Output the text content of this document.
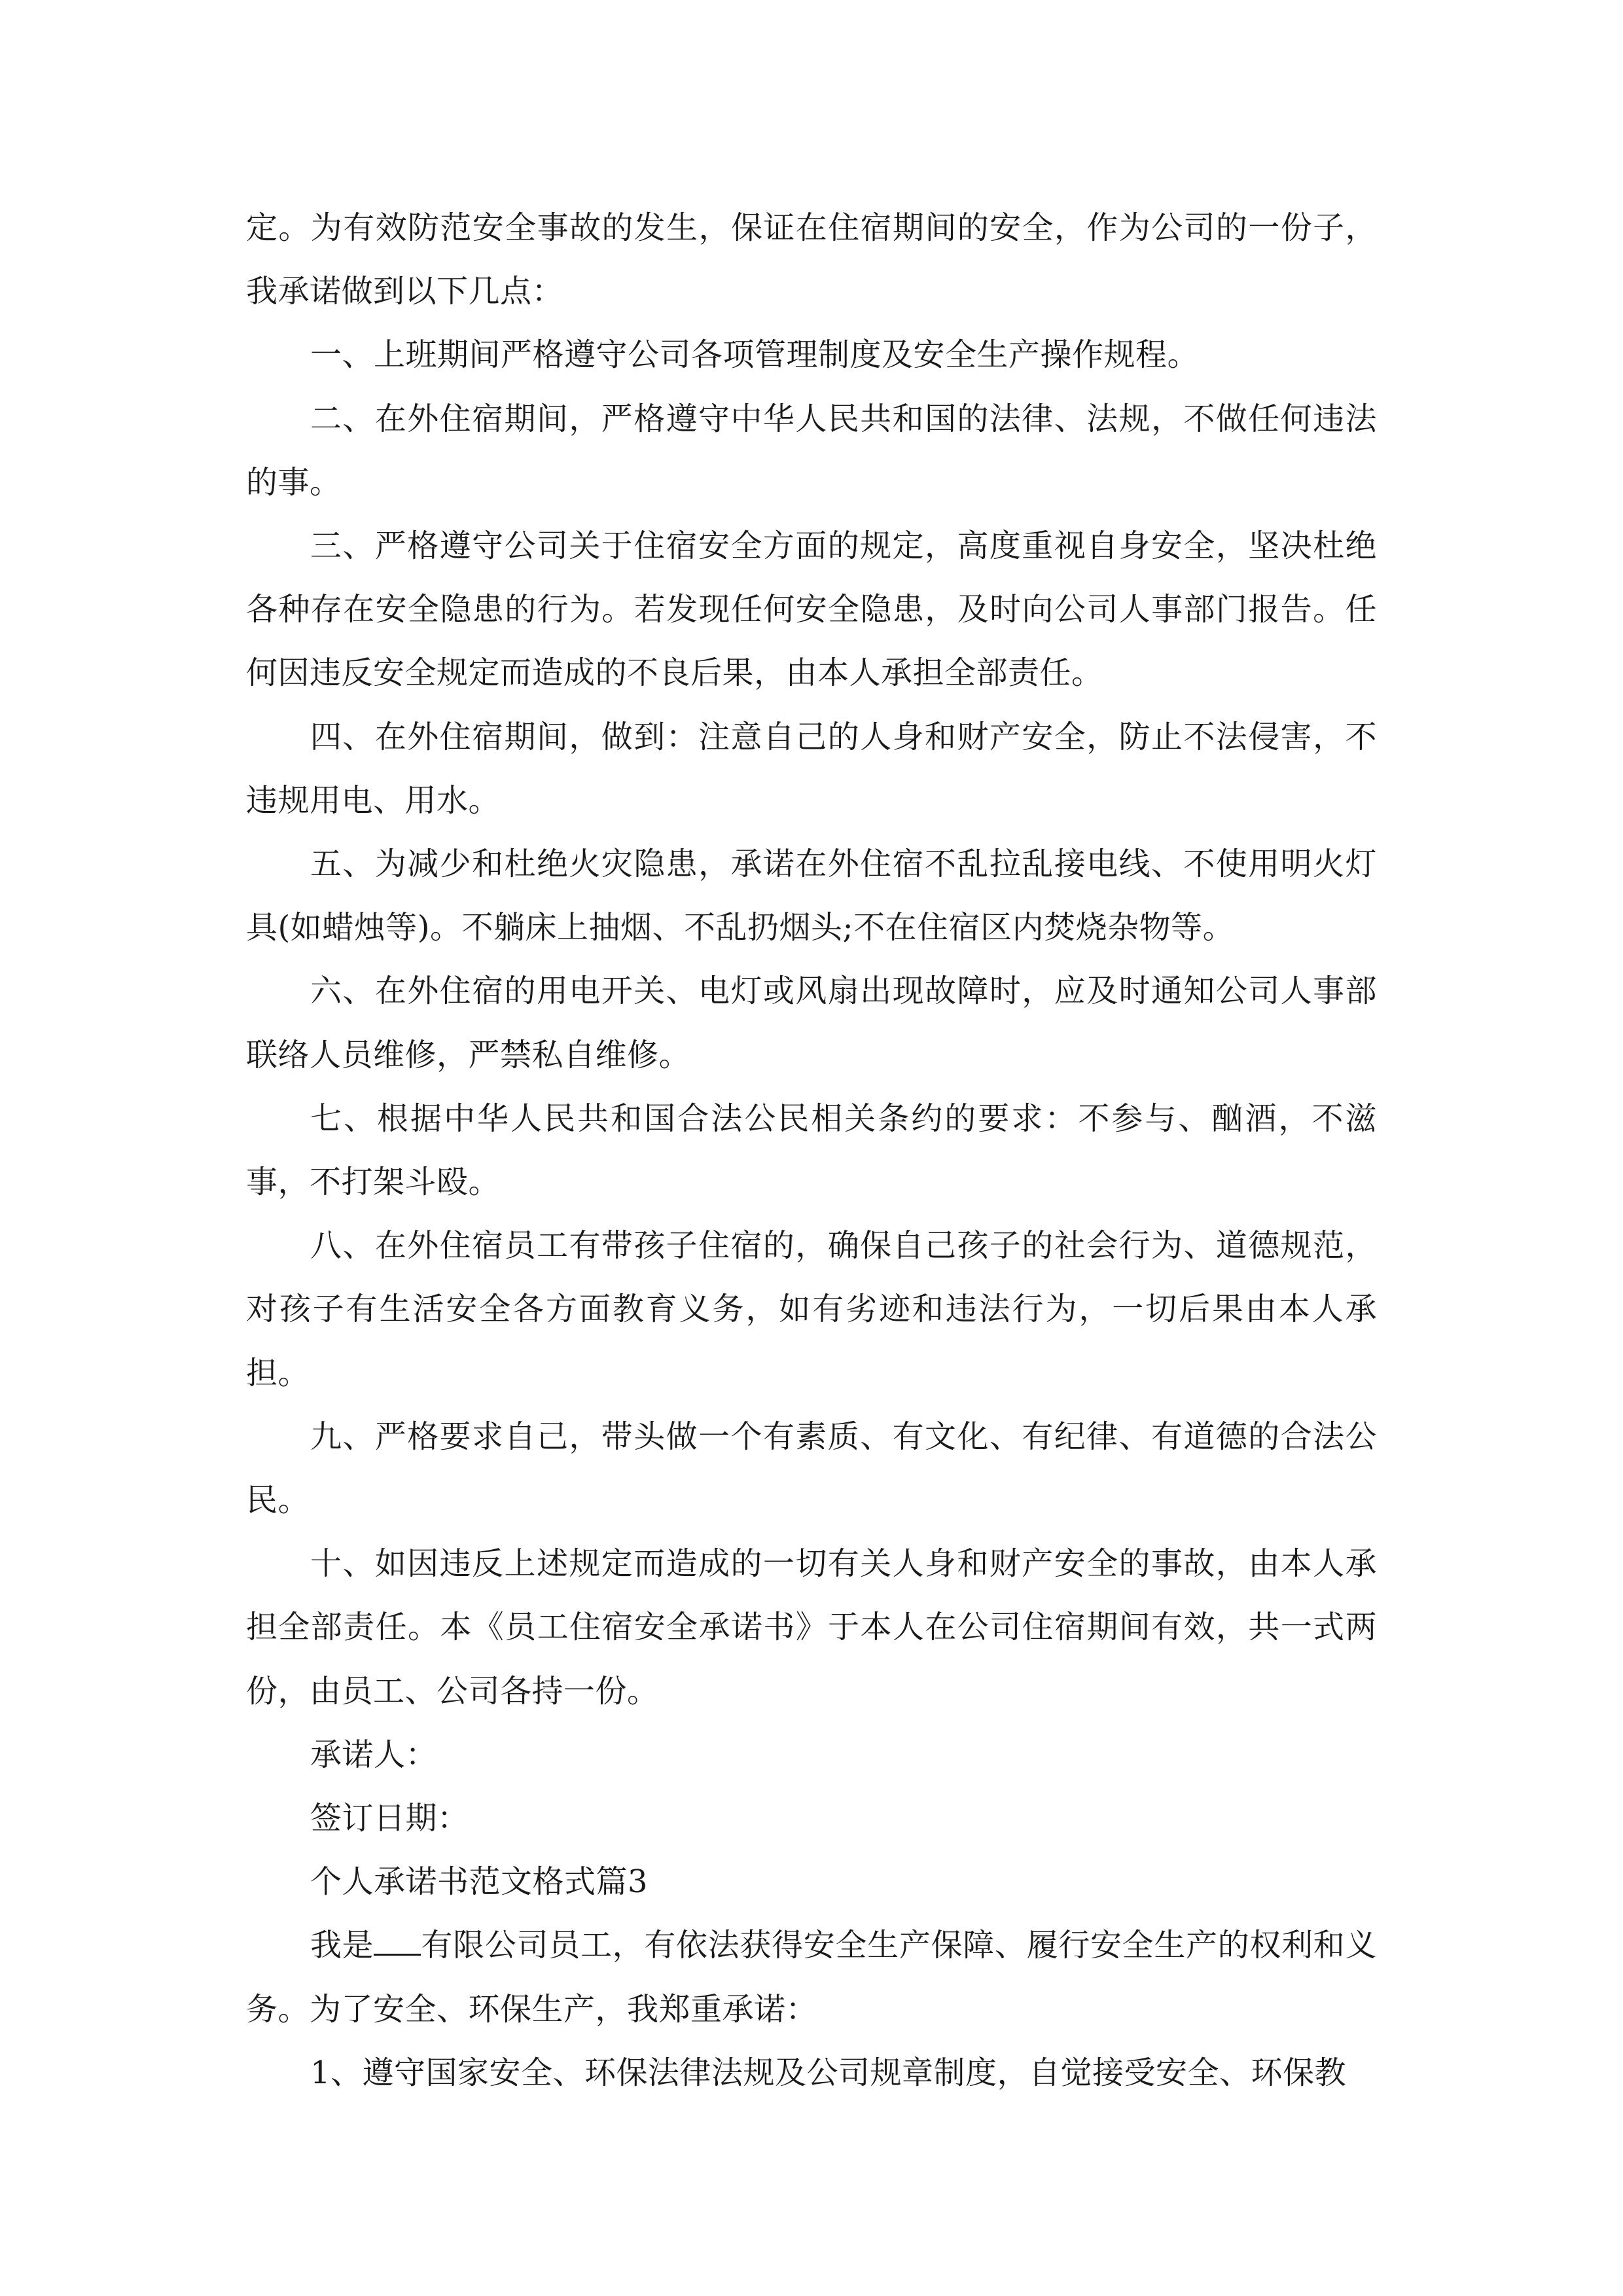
定。为有效防范安全事故的发生，保证在住宿期间的安全，作为公司的一份子，我承诺做到以下几点：

一、上班期间严格遵守公司各项管理制度及安全生产操作规程。

二、在外住宿期间，严格遵守中华人民共和国的法律、法规，不做任何违法的事。

三、严格遵守公司关于住宿安全方面的规定，高度重视自身安全，坚决杜绝各种存在安全隐患的行为。若发现任何安全隐患，及时向公司人事部门报告。任何因违反安全规定而造成的不良后果，由本人承担全部责任。

四、在外住宿期间，做到：注意自己的人身和财产安全，防止不法侵害，不违规用电、用水。

五、为减少和杜绝火灾隐患，承诺在外住宿不乱拉乱接电线、不使用明火灯具(如蜡烛等)。不躺床上抽烟、不乱扔烟头;不在住宿区内焚烧杂物等。

六、在外住宿的用电开关、电灯或风扇出现故障时，应及时通知公司人事部联络人员维修，严禁私自维修。

七、根据中华人民共和国合法公民相关条约的要求：不参与、酗酒，不滋事，不打架斗殴。

八、在外住宿员工有带孩子住宿的，确保自己孩子的社会行为、道德规范，对孩子有生活安全各方面教育义务，如有劣迹和违法行为，一切后果由本人承担。

九、严格要求自己，带头做一个有素质、有文化、有纪律、有道德的合法公民。

十、如因违反上述规定而造成的一切有关人身和财产安全的事故，由本人承担全部责任。本《员工住宿安全承诺书》于本人在公司住宿期间有效，共一式两份，由员工、公司各持一份。

承诺人：

签订日期：

个人承诺书范文格式篇3

我是 有限公司员工，有依法获得安全生产保障、履行安全生产的权利和义务。为了安全、环保生产，我郑重承诺：

1、遵守国家安全、环保法律法规及公司规章制度，自觉接受安全、环保教
